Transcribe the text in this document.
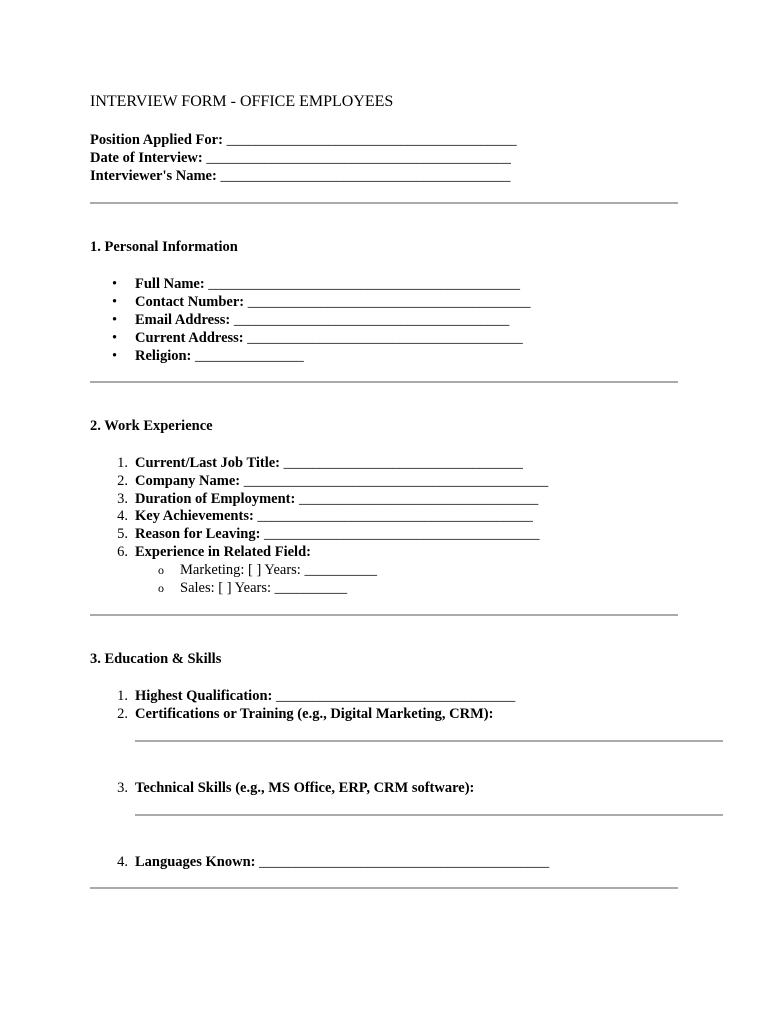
INTERVIEW FORM - OFFICE EMPLOYEES
Position Applied For: ________________________________________
Date of Interview: __________________________________________
Interviewer's Name: ________________________________________
1. Personal Information
• Full Name: ___________________________________________
• Contact Number: _______________________________________
• Email Address: ______________________________________
• Current Address: ______________________________________
• Religion: _______________
2. Work Experience
1. Current/Last Job Title: _________________________________
2. Company Name: __________________________________________
3. Duration of Employment: _________________________________
4. Key Achievements: ______________________________________
5. Reason for Leaving: ______________________________________
6. Experience in Related Field:
o Marketing: [ ] Years: __________
o Sales: [ ] Years: __________
3. Education & Skills
1. Highest Qualification: _________________________________
2. Certifications or Training (e.g., Digital Marketing, CRM):
3. Technical Skills (e.g., MS Office, ERP, CRM software):
4. Languages Known: ________________________________________
